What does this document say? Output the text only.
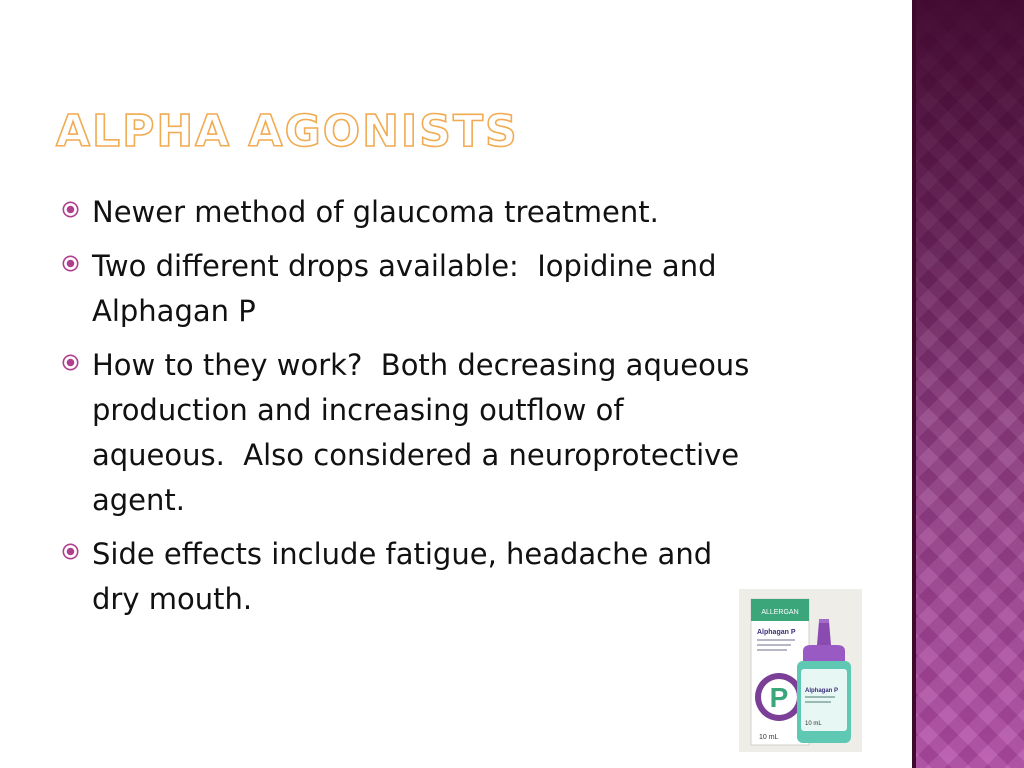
ALPHA AGONISTS
Newer method of glaucoma treatment.
Two different drops available:  Iopidine and
Alphagan P
How to they work?  Both decreasing aqueous
production and increasing outflow of
aqueous.  Also considered a neuroprotective
agent.
Side effects include fatigue, headache and
dry mouth.	ALLERGAN
Alphagan P
P
10 mL
Alphagan P
10 mL
